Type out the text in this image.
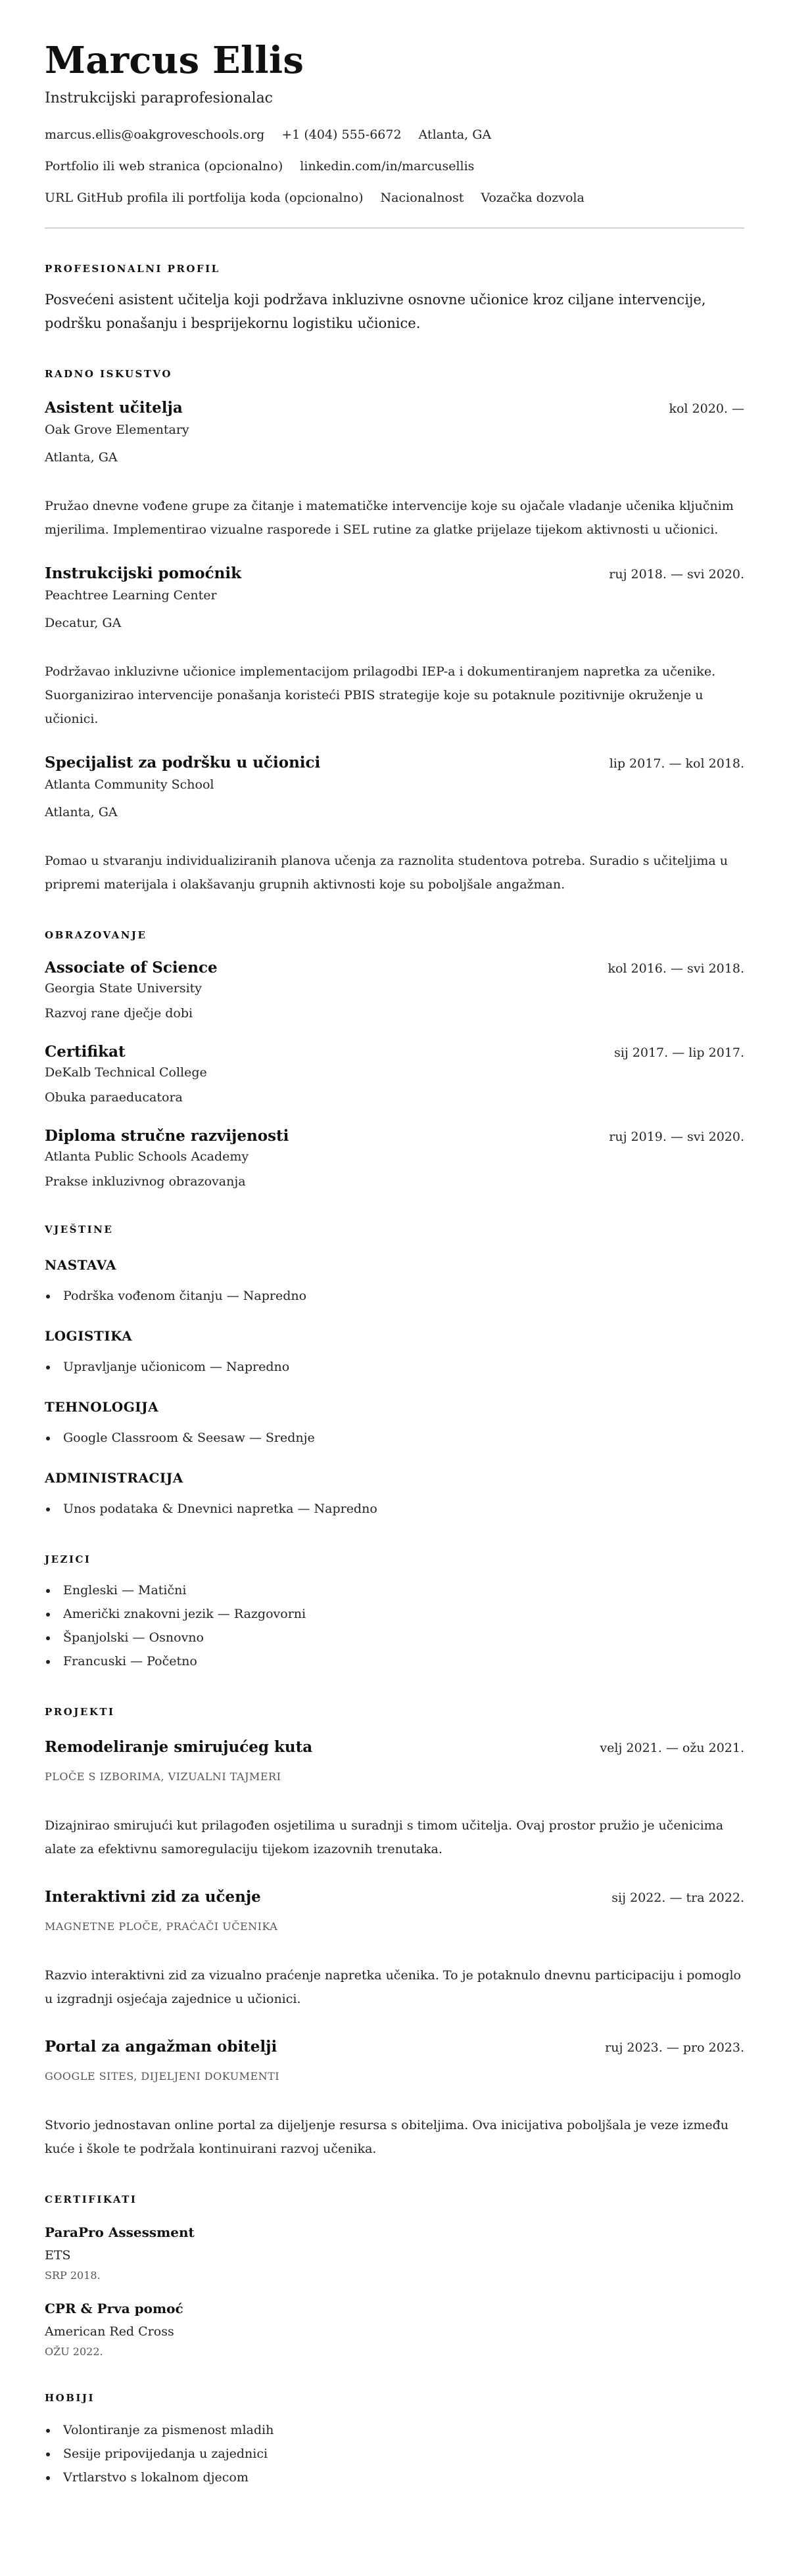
Marcus Ellis
Instrukcijski paraprofesionalac
marcus.ellis@oakgroveschools.org +1 (404) 555-6672 Atlanta, GA
Portfolio ili web stranica (opcionalno) linkedin.com/in/marcusellis
URL GitHub profila ili portfolija koda (opcionalno) Nacionalnost Vozačka dozvola
PROFESIONALNI PROFIL

Posvećeni asistent učitelja koji podržava inkluzivne osnovne učionice kroz ciljane intervencije, podršku ponašanju i besprijekornu logistiku učionice.

RADNO ISKUSTVO
Asistent učitelja	kol 2020. —
Oak Grove Elementary
Atlanta, GA

Pružao dnevne vođene grupe za čitanje i matematičke intervencije koje su ojačale vladanje učenika ključnim mjerilima. Implementirao vizualne rasporede i SEL rutine za glatke prijelaze tijekom aktivnosti u učionici.

Instrukcijski pomoćnik	ruj 2018. — svi 2020.
Peachtree Learning Center
Decatur, GA

Podržavao inkluzivne učionice implementacijom prilagodbi IEP-a i dokumentiranjem napretka za učenike. Suorganizirao intervencije ponašanja koristeći PBIS strategije koje su potaknule pozitivnije okruženje u učionici.

Specijalist za podršku u učionici	lip 2017. — kol 2018.
Atlanta Community School
Atlanta, GA

Pomao u stvaranju individualiziranih planova učenja za raznolita studentova potreba. Suradio s učiteljima u pripremi materijala i olakšavanju grupnih aktivnosti koje su poboljšale angažman.

OBRAZOVANJE
Associate of Science	kol 2016. — svi 2018.
Georgia State University
Razvoj rane dječje dobi
Certifikat	sij 2017. — lip 2017.
DeKalb Technical College
Obuka paraeducatora
Diploma stručne razvijenosti	ruj 2019. — svi 2020.
Atlanta Public Schools Academy
Prakse inkluzivnog obrazovanja
VJEŠTINE
NASTAVA
Podrška vođenom čitanju — Napredno
LOGISTIKA
Upravljanje učionicom — Napredno
TEHNOLOGIJA
Google Classroom & Seesaw — Srednje
ADMINISTRACIJA
Unos podataka & Dnevnici napretka — Napredno
JEZICI
Engleski — Matični
Američki znakovni jezik — Razgovorni
Španjolski — Osnovno
Francuski — Početno
PROJEKTI
Remodeliranje smirujućeg kuta	velj 2021. — ožu 2021.
PLOČE S IZBORIMA, VIZUALNI TAJMERI

Dizajnirao smirujući kut prilagođen osjetilima u suradnji s timom učitelja. Ovaj prostor pružio je učenicima alate za efektivnu samoregulaciju tijekom izazovnih trenutaka.

Interaktivni zid za učenje	sij 2022. — tra 2022.
MAGNETNE PLOČE, PRAĆAČI UČENIKA

Razvio interaktivni zid za vizualno praćenje napretka učenika. To je potaknulo dnevnu participaciju i pomoglo u izgradnji osjećaja zajednice u učionici.

Portal za angažman obitelji	ruj 2023. — pro 2023.
GOOGLE SITES, DIJELJENI DOKUMENTI

Stvorio jednostavan online portal za dijeljenje resursa s obiteljima. Ova inicijativa poboljšala je veze između kuće i škole te podržala kontinuirani razvoj učenika.

CERTIFIKATI
ParaPro Assessment
ETS
SRP 2018.
CPR & Prva pomoć
American Red Cross
OŽU 2022.
HOBIJI
Volontiranje za pismenost mladih
Sesije pripovijedanja u zajednici
Vrtlarstvo s lokalnom djecom
